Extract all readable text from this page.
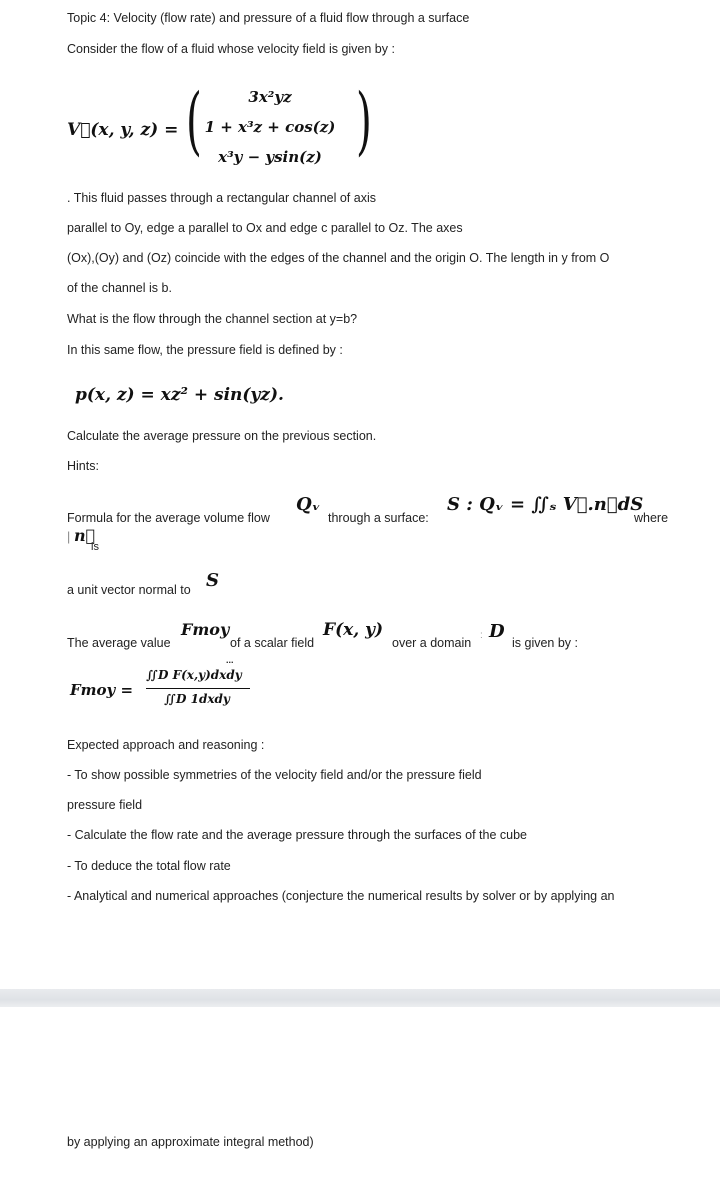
Topic 4: Velocity (flow rate) and pressure of a fluid flow through a surface
Consider the flow of a fluid whose velocity field is given by :
V⃗(x, y, z) = (	3x²yz
1 + x³z + cos(z)
x³y − ysin(z) )
. This fluid passes through a rectangular channel of axis
parallel to Oy, edge a parallel to Ox and edge c parallel to Oz. The axes
(Ox),(Oy) and (Oz) coincide with the edges of the channel and the origin O. The length in y from O
of the channel is b.
What is the flow through the channel section at y=b?
In this same flow, the pressure field is defined by :
p(x, z) = xz² + sin(yz).
Calculate the average pressure on the previous section.
Hints:
Formula for the average volume flow
Qᵥ
through a surface:
S : Qᵥ = ∬ₛ V⃗.n⃗dS
where
| n⃗
is
a unit vector normal to S
The average value
Fmoy
of a scalar field
F(x, y)
over a domain
: D
is given by :
Fmoy =
...
∬D F(x,y)dxdy
∬D 1dxdy
Expected approach and reasoning :
- To show possible symmetries of the velocity field and/or the pressure field
pressure field
- Calculate the flow rate and the average pressure through the surfaces of the cube
- To deduce the total flow rate
- Analytical and numerical approaches (conjecture the numerical results by solver or by applying an
by applying an approximate integral method)
